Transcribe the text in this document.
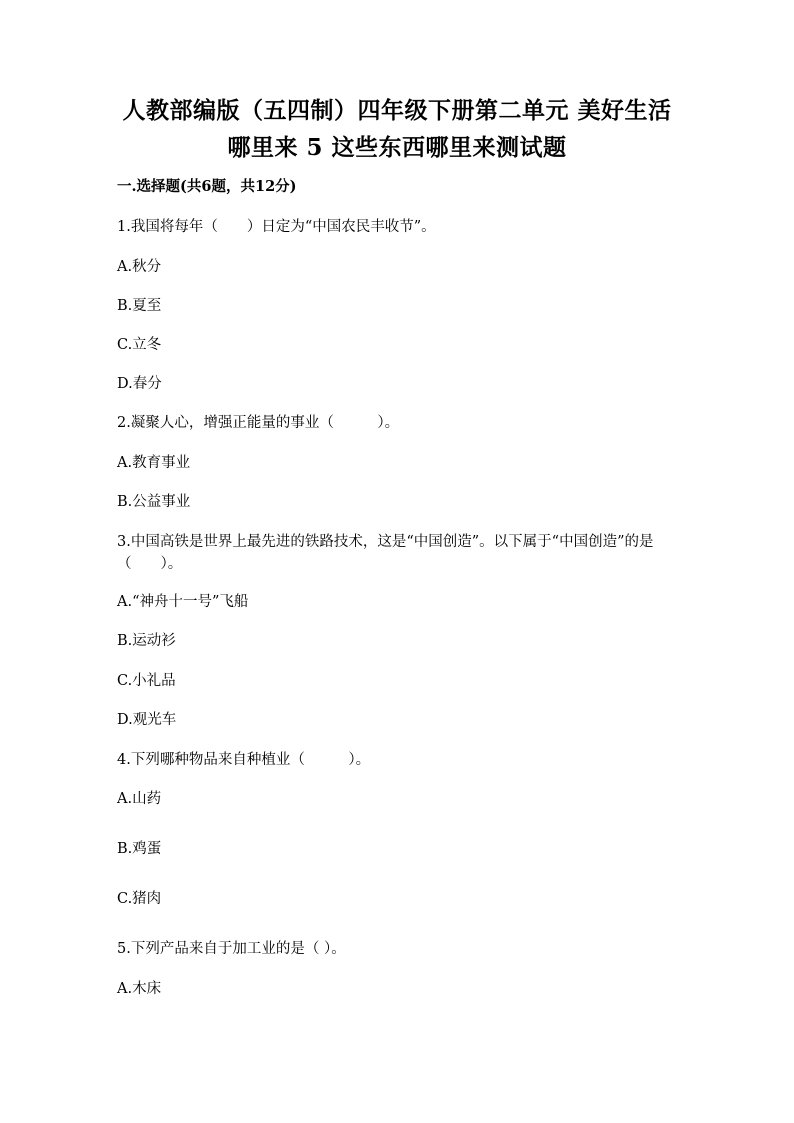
人教部编版（五四制）四年级下册第二单元 美好生活哪里来 5 这些东西哪里来测试题
一.选择题(共6题，共12分)
1.我国将每年（　　）日定为“中国农民丰收节”。
A.秋分
B.夏至
C.立冬
D.春分
2.凝聚人心，增强正能量的事业（　　　）。
A.教育事业
B.公益事业
3.中国高铁是世界上最先进的铁路技术，这是“中国创造”。以下属于“中国创造”的是（　　）。
A.“神舟十一号”飞船
B.运动衫
C.小礼品
D.观光车
4.下列哪种物品来自种植业（　　　）。
A.山药
B.鸡蛋
C.猪肉
5.下列产品来自于加工业的是（ ）。
A.木床
